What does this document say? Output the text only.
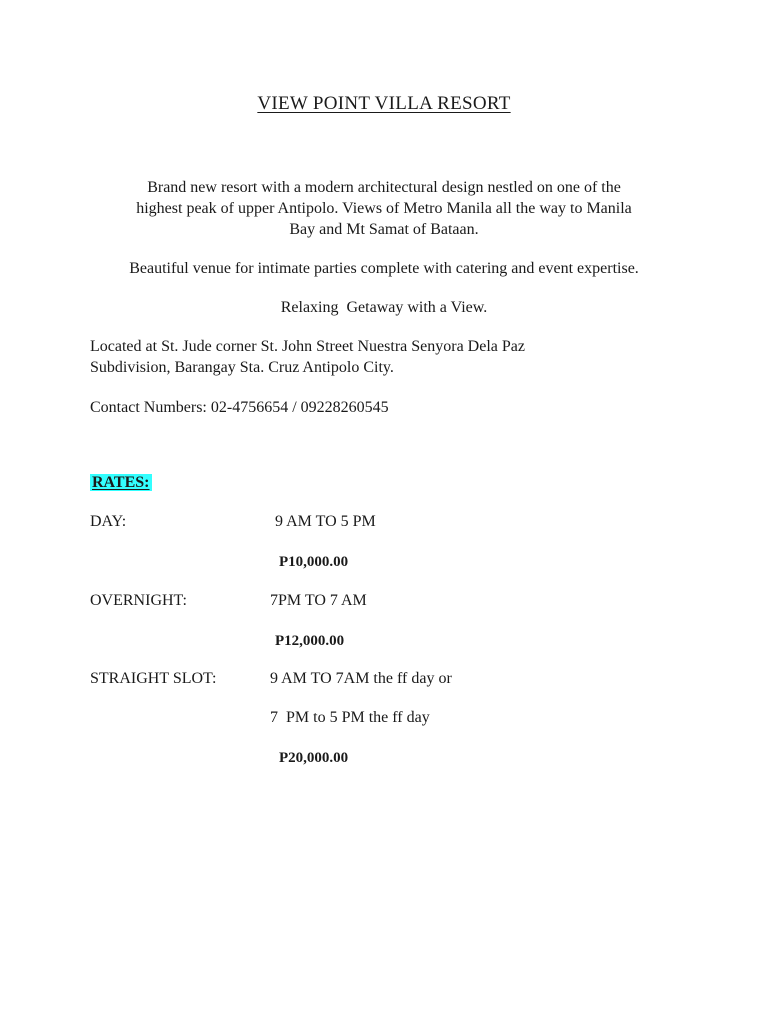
VIEW POINT VILLA RESORT
Brand new resort with a modern architectural design nestled on one of the
highest peak of upper Antipolo. Views of Metro Manila all the way to Manila
Bay and Mt Samat of Bataan.
Beautiful venue for intimate parties complete with catering and event expertise.
Relaxing  Getaway with a View.
Located at St. Jude corner St. John Street Nuestra Senyora Dela Paz
Subdivision, Barangay Sta. Cruz Antipolo City.
Contact Numbers: 02-4756654 / 09228260545
RATES:
DAY:	9 AM TO 5 PM
P10,000.00
OVERNIGHT:	7PM TO 7 AM
P12,000.00
STRAIGHT SLOT:	9 AM TO 7AM the ff day or
7  PM to 5 PM the ff day
P20,000.00
